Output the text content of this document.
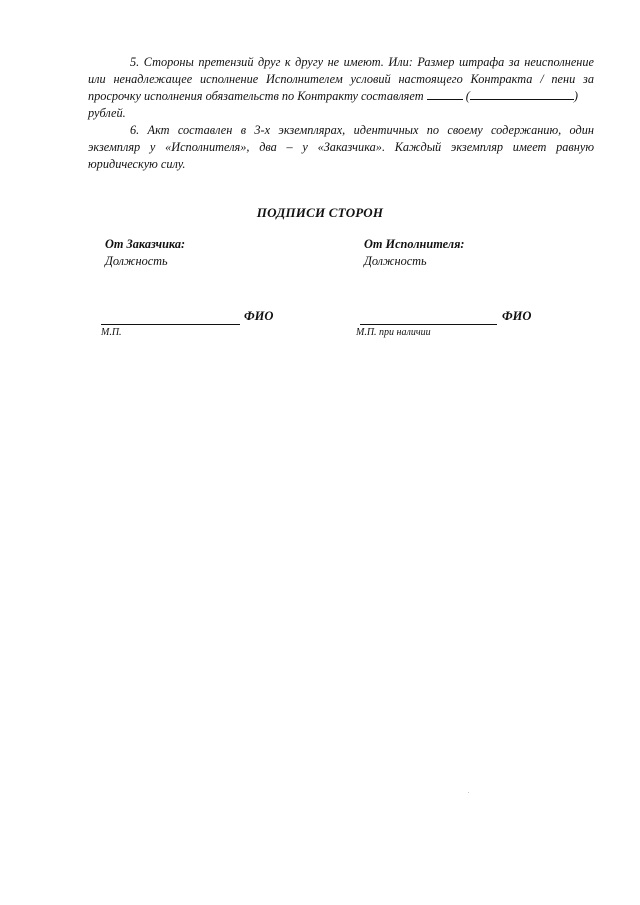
5. Стороны претензий друг к другу не имеют. Или: Размер штрафа за неисполнение или ненадлежащее исполнение Исполнителем условий настоящего Контракта / пени за просрочку исполнения обязательств по Контракту составляет	(	)
рублей.

6. Акт составлен в 3-х экземплярах, идентичных по своему содержанию, один экземпляр у «Исполнителя», два – у «Заказчика». Каждый экземпляр имеет равную юридическую силу.

ПОДПИСИ СТОРОН
От Заказчика:
Должность
От Исполнителя:
Должность
ФИО
М.П.
ФИО
М.П. при наличии
